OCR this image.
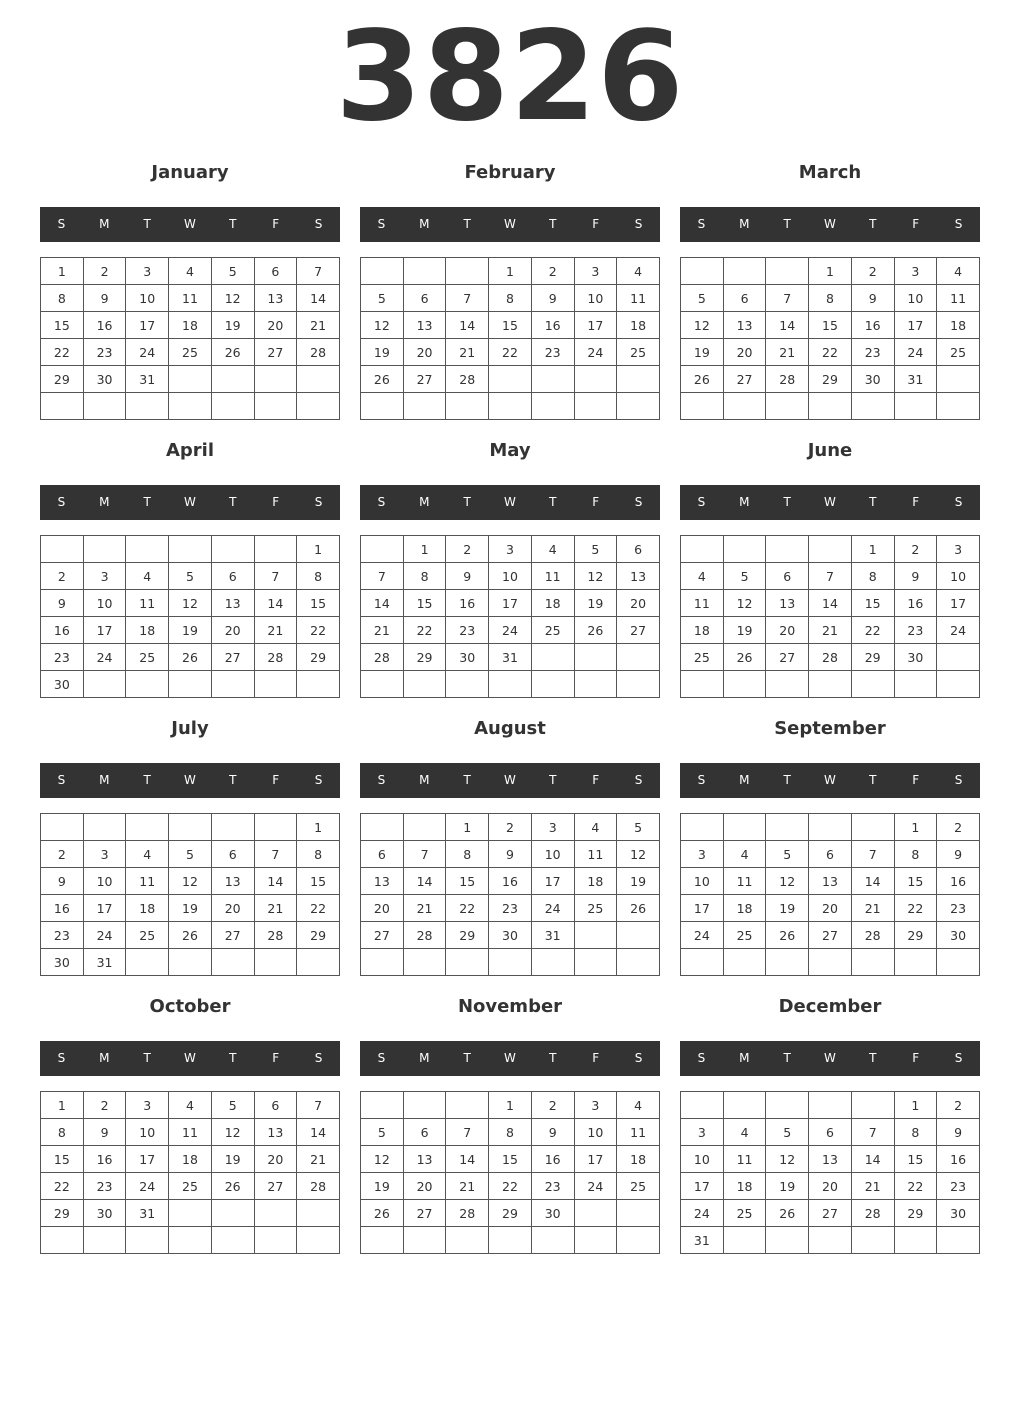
3826
January
S	M	T	W	T	F	S
1	2	3	4	5	6	7
8	9	10	11	12	13	14
15	16	17	18	19	20	21
22	23	24	25	26	27	28
29	30	31				

February
S	M	T	W	T	F	S
			1	2	3	4
5	6	7	8	9	10	11
12	13	14	15	16	17	18
19	20	21	22	23	24	25
26	27	28				

March
S	M	T	W	T	F	S
			1	2	3	4
5	6	7	8	9	10	11
12	13	14	15	16	17	18
19	20	21	22	23	24	25
26	27	28	29	30	31	

April
S	M	T	W	T	F	S
						1
2	3	4	5	6	7	8
9	10	11	12	13	14	15
16	17	18	19	20	21	22
23	24	25	26	27	28	29
30						
May
S	M	T	W	T	F	S
	1	2	3	4	5	6
7	8	9	10	11	12	13
14	15	16	17	18	19	20
21	22	23	24	25	26	27
28	29	30	31			

June
S	M	T	W	T	F	S
				1	2	3
4	5	6	7	8	9	10
11	12	13	14	15	16	17
18	19	20	21	22	23	24
25	26	27	28	29	30	

July
S	M	T	W	T	F	S
						1
2	3	4	5	6	7	8
9	10	11	12	13	14	15
16	17	18	19	20	21	22
23	24	25	26	27	28	29
30	31					
August
S	M	T	W	T	F	S
		1	2	3	4	5
6	7	8	9	10	11	12
13	14	15	16	17	18	19
20	21	22	23	24	25	26
27	28	29	30	31		

September
S	M	T	W	T	F	S
					1	2
3	4	5	6	7	8	9
10	11	12	13	14	15	16
17	18	19	20	21	22	23
24	25	26	27	28	29	30

October
S	M	T	W	T	F	S
1	2	3	4	5	6	7
8	9	10	11	12	13	14
15	16	17	18	19	20	21
22	23	24	25	26	27	28
29	30	31				

November
S	M	T	W	T	F	S
			1	2	3	4
5	6	7	8	9	10	11
12	13	14	15	16	17	18
19	20	21	22	23	24	25
26	27	28	29	30		

December
S	M	T	W	T	F	S
					1	2
3	4	5	6	7	8	9
10	11	12	13	14	15	16
17	18	19	20	21	22	23
24	25	26	27	28	29	30
31						
